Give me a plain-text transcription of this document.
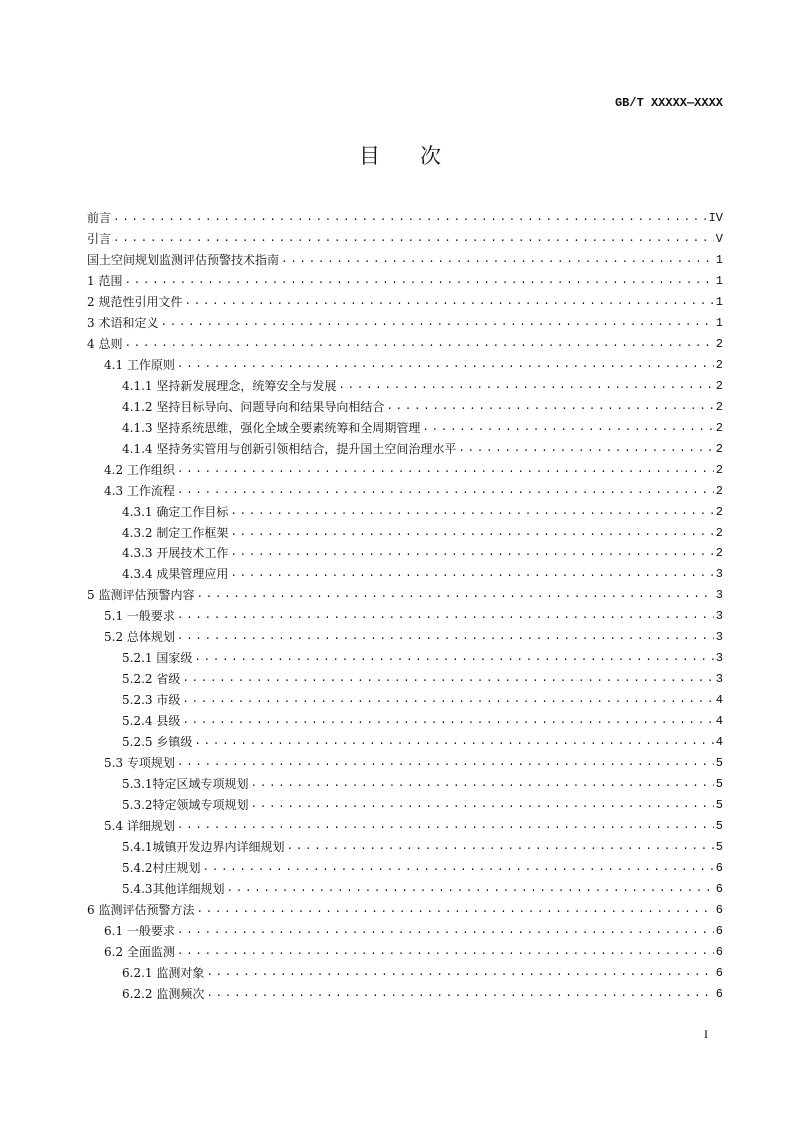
GB/T XXXXX—XXXX
目次
前言 .....	IV
引言 .....	V
国土空间规划监测评估预警技术指南 .....	1
1 范围 .....	1
2 规范性引用文件 .....	1
3 术语和定义 .....	1
4 总则 .....	2
4.1 工作原则 .....	2
4.1.1 坚持新发展理念，统筹安全与发展 .....	2
4.1.2 坚持目标导向、问题导向和结果导向相结合 .....	2
4.1.3 坚持系统思维，强化全域全要素统筹和全周期管理 .....	2
4.1.4 坚持务实管用与创新引领相结合，提升国土空间治理水平 .....	2
4.2 工作组织 .....	2
4.3 工作流程 .....	2
4.3.1 确定工作目标 .....	2
4.3.2 制定工作框架 .....	2
4.3.3 开展技术工作 .....	2
4.3.4 成果管理应用 .....	3
5 监测评估预警内容 .....	3
5.1 一般要求 .....	3
5.2 总体规划 .....	3
5.2.1 国家级 .....	3
5.2.2 省级 .....	3
5.2.3 市级 .....	4
5.2.4 县级 .....	4
5.2.5 乡镇级 .....	4
5.3 专项规划 .....	5
5.3.1特定区域专项规划 .....	5
5.3.2特定领域专项规划 .....	5
5.4 详细规划 .....	5
5.4.1城镇开发边界内详细规划 .....	5
5.4.2村庄规划 .....	6
5.4.3其他详细规划 .....	6
6 监测评估预警方法 .....	6
6.1 一般要求 .....	6
6.2 全面监测 .....	6
6.2.1 监测对象 .....	6
6.2.2 监测频次 .....	6
I
